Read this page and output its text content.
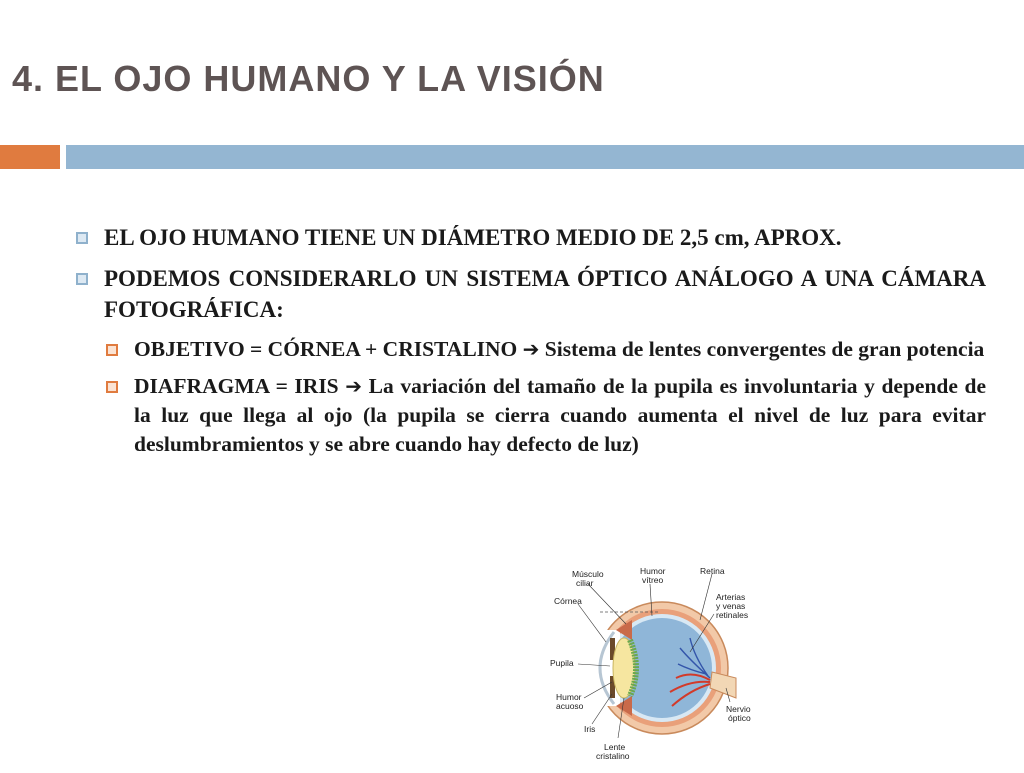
4. EL OJO HUMANO Y LA VISIÓN
EL OJO HUMANO TIENE UN DIÁMETRO MEDIO DE 2,5 cm, APROX.
PODEMOS CONSIDERARLO UN SISTEMA ÓPTICO ANÁLOGO A UNA CÁMARA FOTOGRÁFICA:
OBJETIVO = CÓRNEA + CRISTALINO ➔ Sistema de lentes convergentes de gran potencia
DIAFRAGMA = IRIS ➔ La variación del tamaño de la pupila es involuntaria y depende de la luz que llega al ojo (la pupila se cierra cuando aumenta el nivel de luz para evitar deslumbramientos y se abre cuando hay defecto de luz)
Músculo
ciliar
Humor
vítreo
Retina
Córnea	Arterias
y venas
retinales
Pupila
Humor
acuoso
Iris
Nervio
óptico
Lente
cristalino
